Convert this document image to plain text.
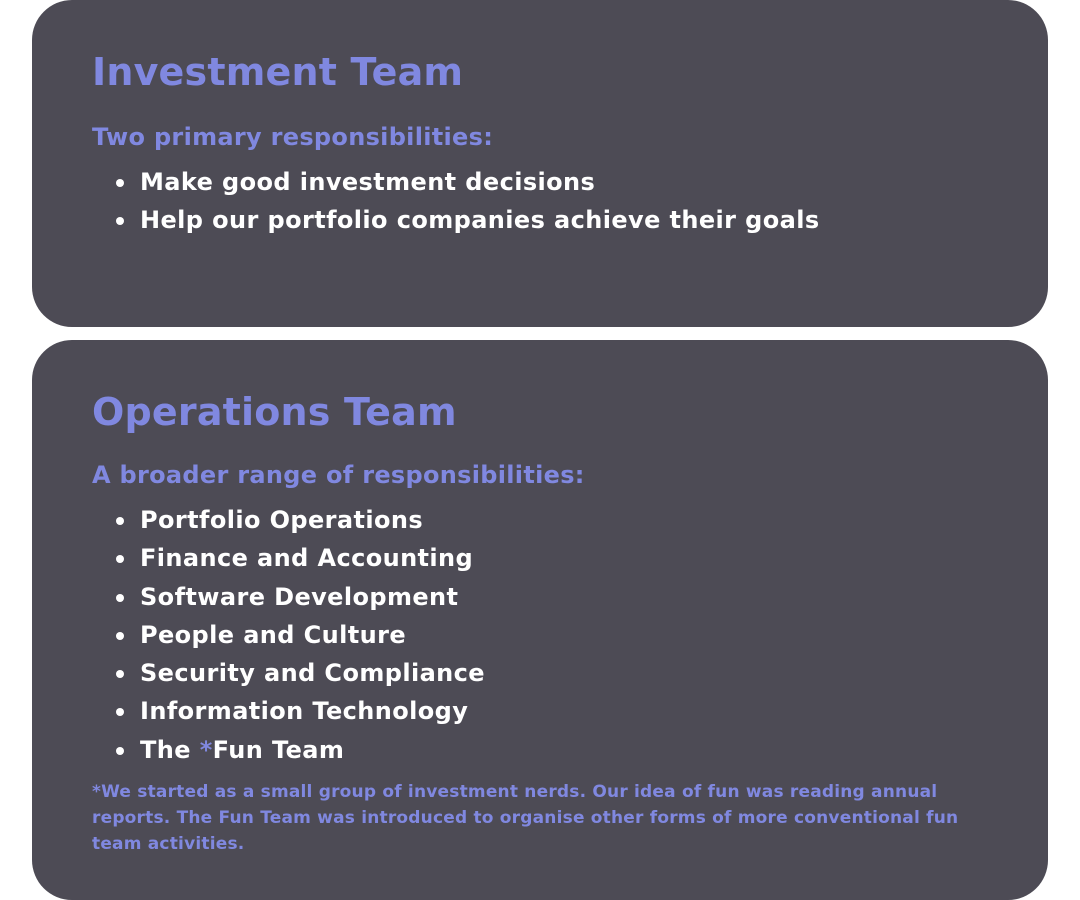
Investment Team

Two primary responsibilities:

Make good investment decisions
Help our portfolio companies achieve their goals
Operations Team

A broader range of responsibilities:

Portfolio Operations
Finance and Accounting
Software Development
People and Culture
Security and Compliance
Information Technology
The *Fun Team

*We started as a small group of investment nerds. Our idea of fun was reading annual reports. The Fun Team was introduced to organise other forms of more conventional fun team activities.
